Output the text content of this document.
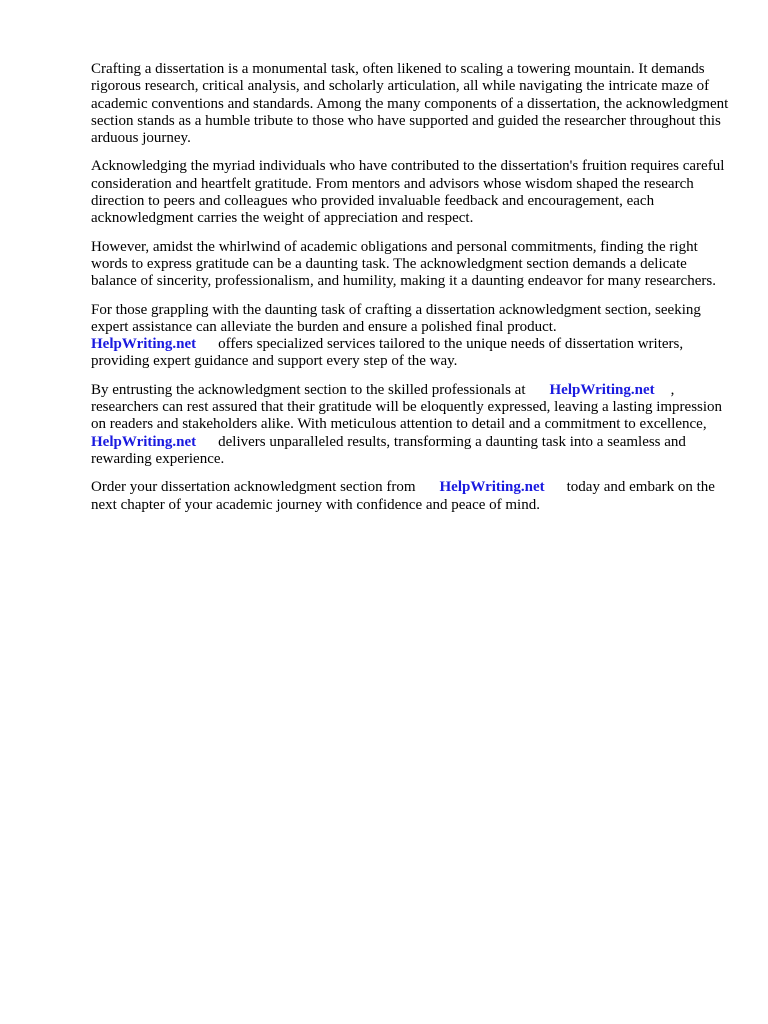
Crafting a dissertation is a monumental task, often likened to scaling a towering mountain. It demands rigorous research, critical analysis, and scholarly articulation, all while navigating the intricate maze of academic conventions and standards. Among the many components of a dissertation, the acknowledgment section stands as a humble tribute to those who have supported and guided the researcher throughout this arduous journey.

Acknowledging the myriad individuals who have contributed to the dissertation's fruition requires careful consideration and heartfelt gratitude. From mentors and advisors whose wisdom shaped the research direction to peers and colleagues who provided invaluable feedback and encouragement, each acknowledgment carries the weight of appreciation and respect.

However, amidst the whirlwind of academic obligations and personal commitments, finding the right words to express gratitude can be a daunting task. The acknowledgment section demands a delicate balance of sincerity, professionalism, and humility, making it a daunting endeavor for many researchers.

For those grappling with the daunting task of crafting a dissertation acknowledgment section, seeking expert assistance can alleviate the burden and ensure a polished final product.
HelpWriting.net offers specialized services tailored to the unique needs of dissertation writers, providing expert guidance and support every step of the way.

By entrusting the acknowledgment section to the skilled professionals at HelpWriting.net , researchers can rest assured that their gratitude will be eloquently expressed, leaving a lasting impression on readers and stakeholders alike. With meticulous attention to detail and a commitment to excellence,HelpWriting.net delivers unparalleled results, transforming a daunting task into a seamless and rewarding experience.

Order your dissertation acknowledgment section from HelpWriting.net today and embark on the next chapter of your academic journey with confidence and peace of mind.
